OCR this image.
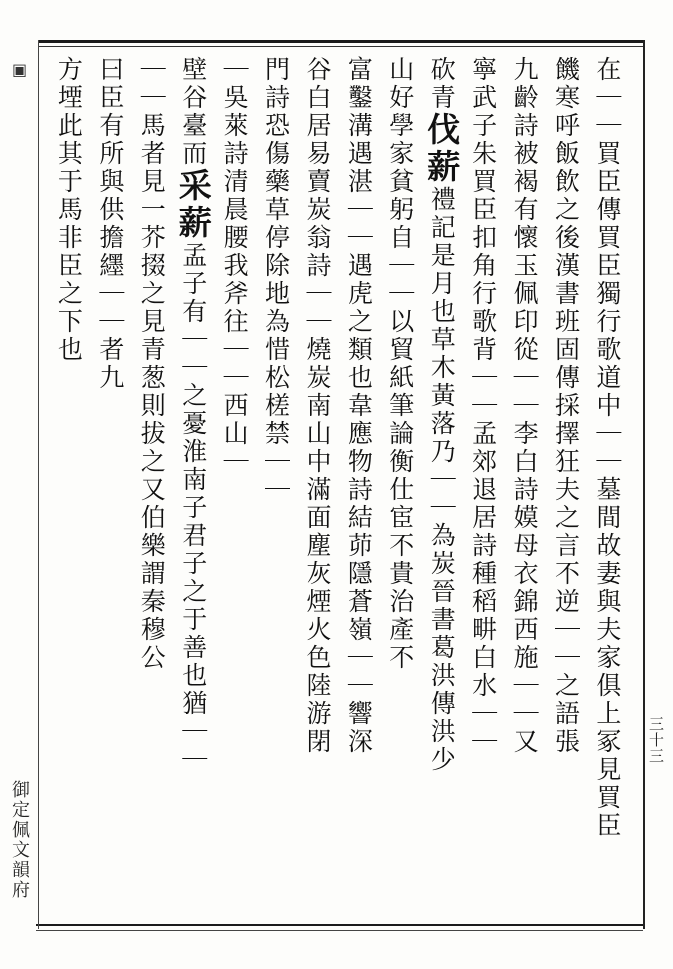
▣
御定佩文韻府
三十三

在｜｜買臣傳買臣獨行歌道中｜｜墓間故妻與夫家俱上冢見買臣

饑寒呼飯飲之後漢書班固傳採擇狂夫之言不逆｜｜之語張

九齡詩被褐有懷玉佩印從｜｜李白詩嫫母衣錦西施｜｜又

寧武子朱買臣扣角行歌背｜｜孟郊退居詩種稻畊白水｜｜

砍青伐薪禮記是月也草木黃落乃｜｜為炭晉書葛洪傳洪少

山好學家貧躬自｜｜以貿紙筆論衡仕宦不貴治產不

富鑿溝遇湛｜｜遇虎之類也韋應物詩結茆隱蒼嶺｜｜響深

谷白居易賣炭翁詩｜｜燒炭南山中滿面塵灰煙火色陸游閉

門詩恐傷藥草停除地為惜松槎禁｜｜

｜吳萊詩清晨腰我斧往｜｜西山｜

壁谷臺而采薪孟子有｜｜之憂淮南子君子之于善也猶｜｜

｜｜馬者見一芥掇之見青葱則拔之又伯樂謂秦穆公

曰臣有所與供擔纆｜｜者九

方堙此其于馬非臣之下也
